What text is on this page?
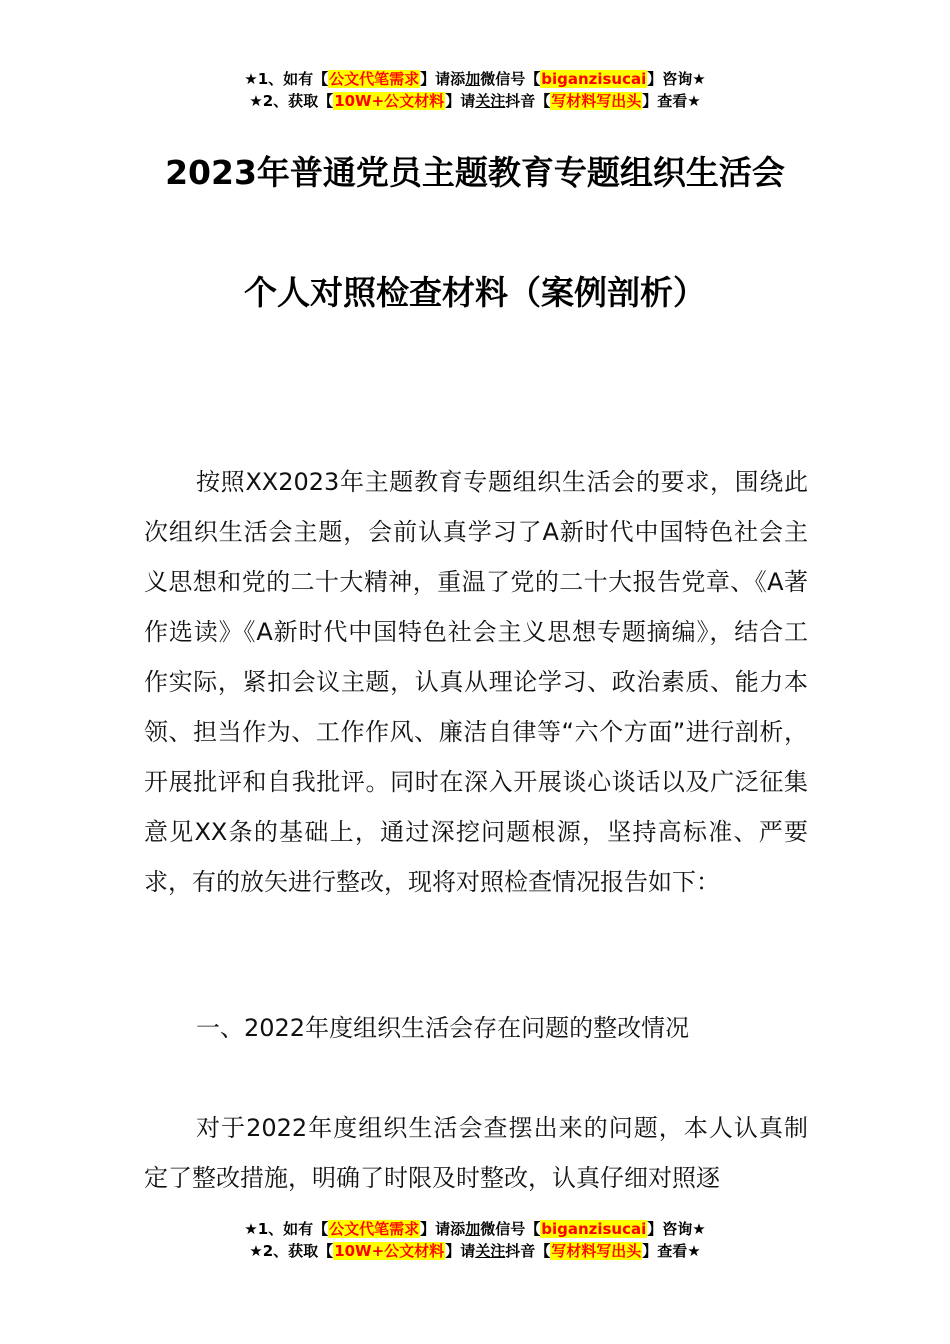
★1、如有【公文代笔需求】请添加微信号【biganzisucai】咨询★
★2、获取【10W+公文材料】请关注抖音【写材料写出头】查看★
2023年普通党员主题教育专题组织生活会
个人对照检查材料（案例剖析）
按照XX2023年主题教育专题组织生活会的要求，围绕此次组织生活会主题，会前认真学习了A新时代中国特色社会主义思想和党的二十大精神，重温了党的二十大报告党章、《A著作选读》《A新时代中国特色社会主义思想专题摘编》，结合工作实际，紧扣会议主题，认真从理论学习、政治素质、能力本领、担当作为、工作作风、廉洁自律等“六个方面”进行剖析，开展批评和自我批评。同时在深入开展谈心谈话以及广泛征集意见XX条的基础上，通过深挖问题根源，坚持高标准、严要求，有的放矢进行整改，现将对照检查情况报告如下：
一、2022年度组织生活会存在问题的整改情况
对于2022年度组织生活会查摆出来的问题，本人认真制定了整改措施，明确了时限及时整改，认真仔细对照逐
★1、如有【公文代笔需求】请添加微信号【biganzisucai】咨询★
★2、获取【10W+公文材料】请关注抖音【写材料写出头】查看★
